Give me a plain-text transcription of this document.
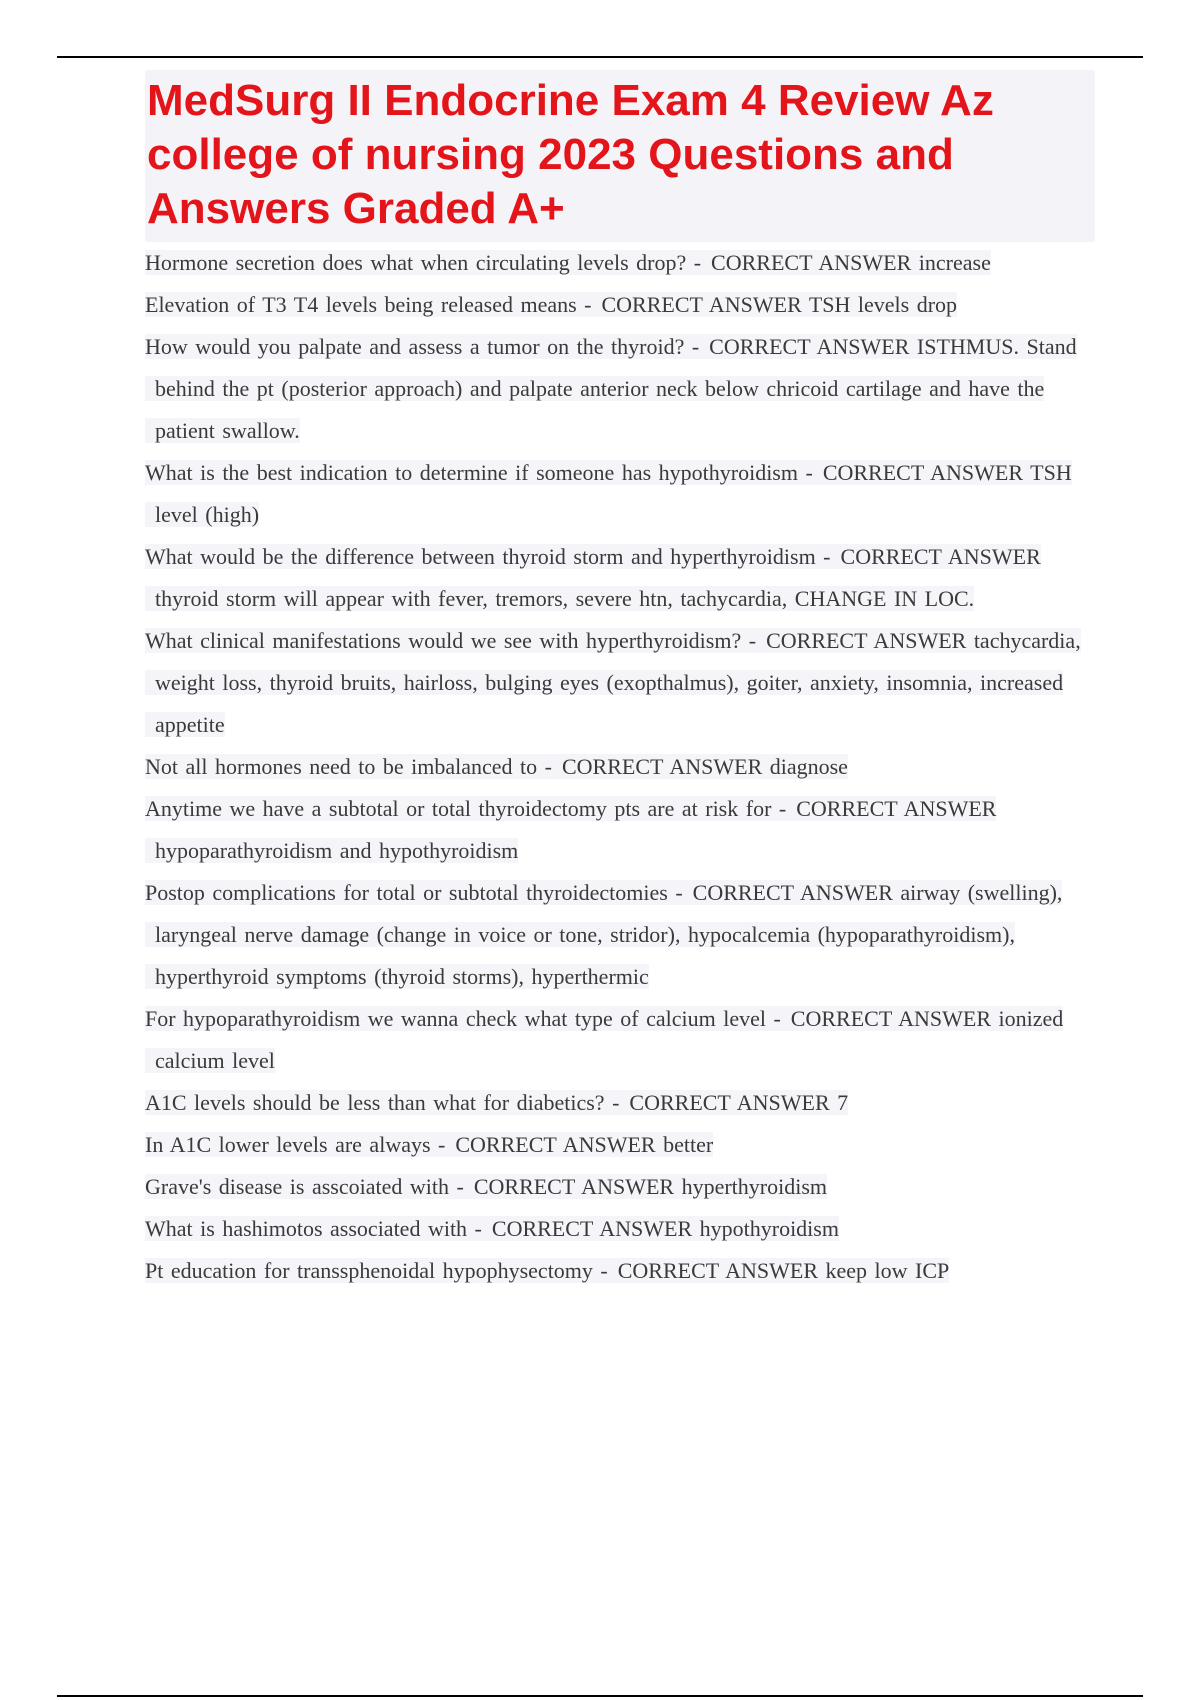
MedSurg II Endocrine Exam 4 Review Az college of nursing 2023 Questions and Answers Graded A+

Hormone secretion does what when circulating levels drop? - CORRECT ANSWER increase

Elevation of T3 T4 levels being released means - CORRECT ANSWER TSH levels drop

How would you palpate and assess a tumor on the thyroid? - CORRECT ANSWER ISTHMUS. Stand behind the pt (posterior approach) and palpate anterior neck below chricoid cartilage and have the patient swallow.

What is the best indication to determine if someone has hypothyroidism - CORRECT ANSWER TSH level (high)

What would be the difference between thyroid storm and hyperthyroidism - CORRECT ANSWER thyroid storm will appear with fever, tremors, severe htn, tachycardia, CHANGE IN LOC.

What clinical manifestations would we see with hyperthyroidism? - CORRECT ANSWER tachycardia, weight loss, thyroid bruits, hairloss, bulging eyes (exopthalmus), goiter, anxiety, insomnia, increased appetite

Not all hormones need to be imbalanced to - CORRECT ANSWER diagnose

Anytime we have a subtotal or total thyroidectomy pts are at risk for - CORRECT ANSWER hypoparathyroidism and hypothyroidism

Postop complications for total or subtotal thyroidectomies - CORRECT ANSWER airway (swelling), laryngeal nerve damage (change in voice or tone, stridor), hypocalcemia (hypoparathyroidism), hyperthyroid symptoms (thyroid storms), hyperthermic

For hypoparathyroidism we wanna check what type of calcium level - CORRECT ANSWER ionized calcium level

A1C levels should be less than what for diabetics? - CORRECT ANSWER 7

In A1C lower levels are always - CORRECT ANSWER better

Grave's disease is asscoiated with - CORRECT ANSWER hyperthyroidism

What is hashimotos associated with - CORRECT ANSWER hypothyroidism

Pt education for transsphenoidal hypophysectomy - CORRECT ANSWER keep low ICP
